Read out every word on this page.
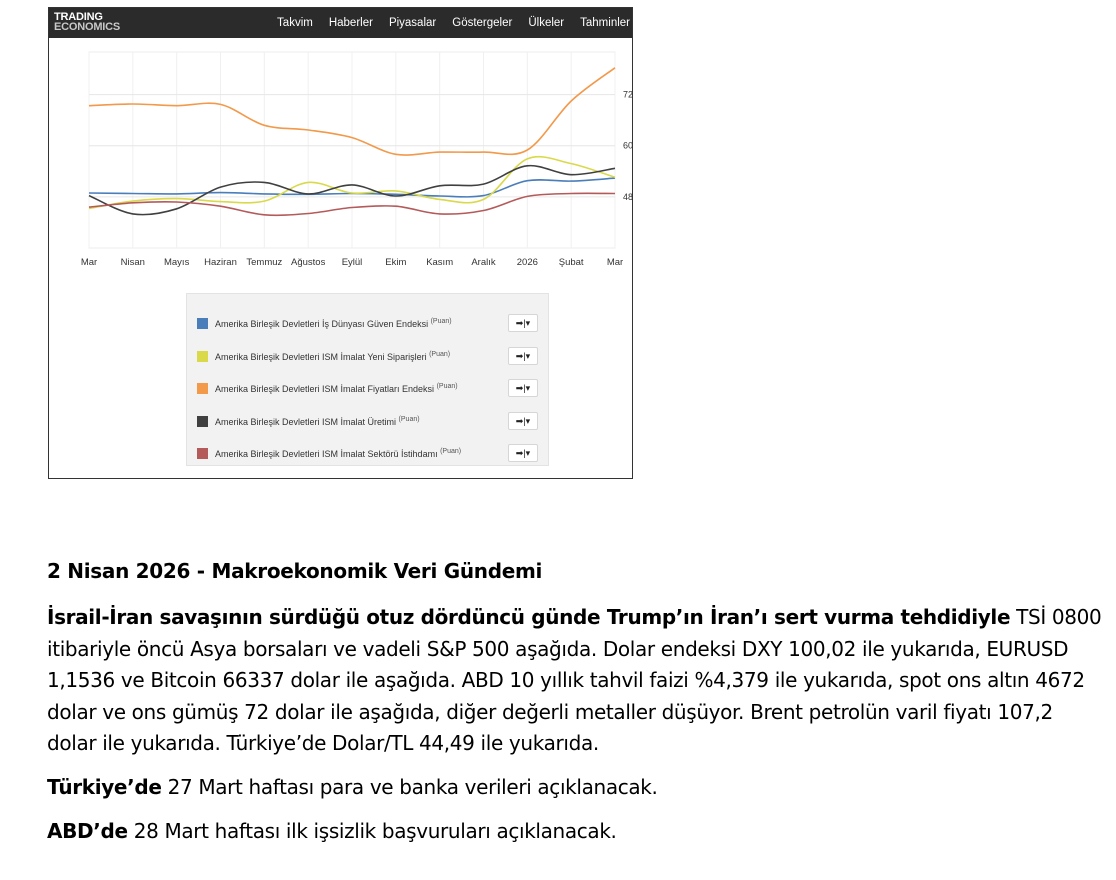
TRADING
ECONOMICS	Takvim Haberler Piyasalar Göstergeler Ülkeler Tahminler
Mar Nisan Mayıs Haziran Temmuz Ağustos Eylül Ekim Kasım Aralık 2026 Şubat Mar
48
60
72
Amerika Birleşik Devletleri İş Dünyası Güven Endeksi $^{(Puan)}$	➡|▾
Amerika Birleşik Devletleri ISM İmalat Yeni Siparişleri $^{(Puan)}$	➡|▾
Amerika Birleşik Devletleri ISM İmalat Fiyatları Endeksi $^{(Puan)}$	➡|▾
Amerika Birleşik Devletleri ISM İmalat Üretimi $^{(Puan)}$	➡|▾
Amerika Birleşik Devletleri ISM İmalat Sektörü İstihdamı $^{(Puan)}$	➡|▾
2 Nisan 2026 - Makroekonomik Veri Gündemi

İsrail-İran savaşının sürdüğü otuz dördüncü günde Trump’ın İran’ı sert vurma tehdidiyle TSİ 0800 itibariyle öncü Asya borsaları ve vadeli S&P 500 aşağıda. Dolar endeksi DXY 100,02 ile yukarıda, EURUSD 1,1536 ve Bitcoin 66337 dolar ile aşağıda. ABD 10 yıllık tahvil faizi %4,379 ile yukarıda, spot ons altın 4672 dolar ve ons gümüş 72 dolar ile aşağıda, diğer değerli metaller düşüyor. Brent petrolün varil fiyatı 107,2 dolar ile yukarıda. Türkiye’de Dolar/TL 44,49 ile yukarıda.

Türkiye’de 27 Mart haftası para ve banka verileri açıklanacak.

ABD’de 28 Mart haftası ilk işsizlik başvuruları açıklanacak.
